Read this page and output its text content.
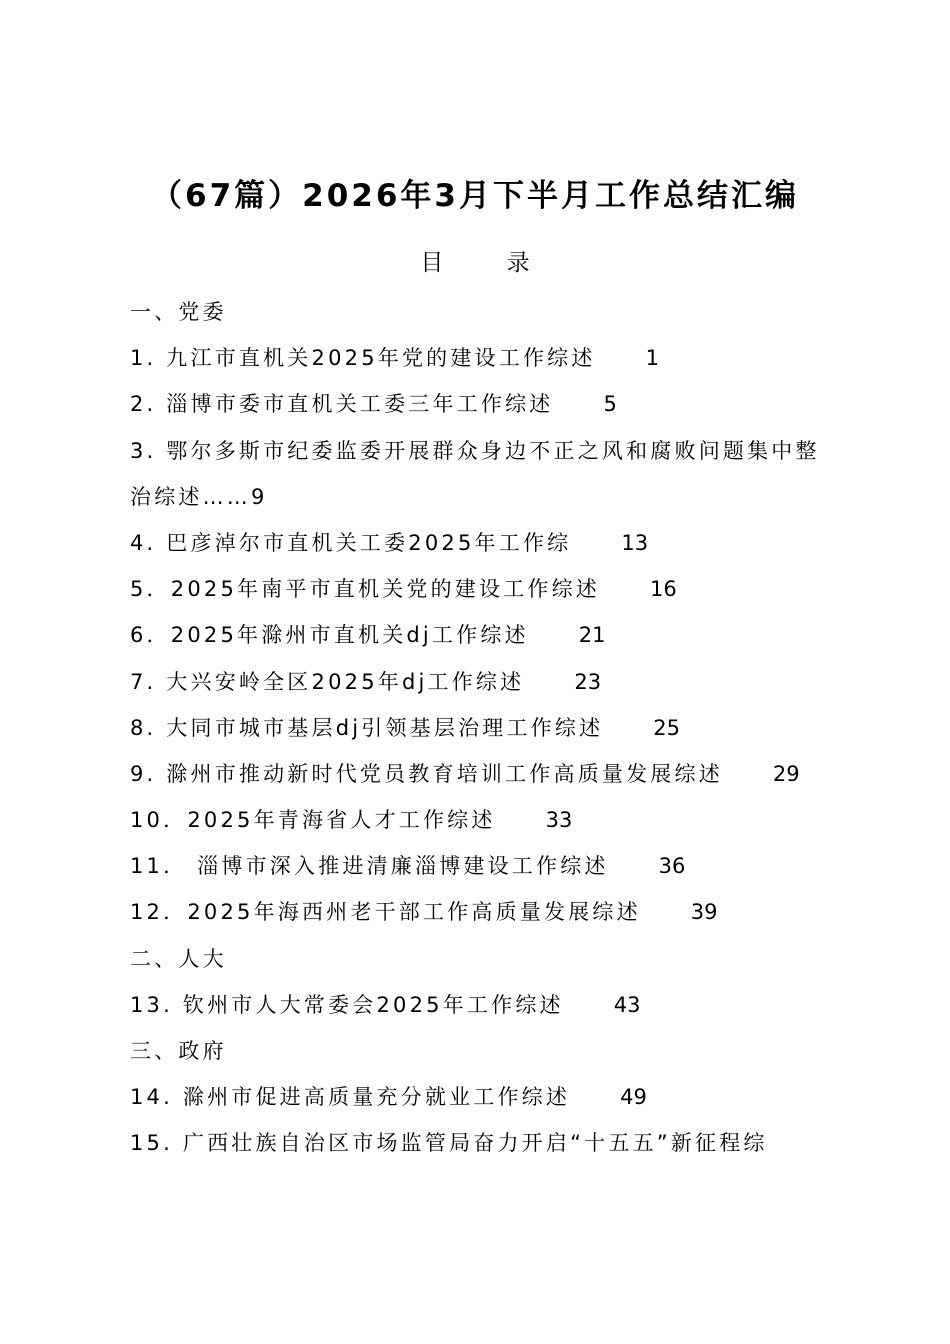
（67篇）2026年3月下半月工作总结汇编
目 录
一、党委
1. 九江市直机关2025年党的建设工作综述 1
2. 淄博市委市直机关工委三年工作综述 5
3. 鄂尔多斯市纪委监委开展群众身边不正之风和腐败问题集中整治综述……9
4. 巴彦淖尔市直机关工委2025年工作综 13
5．2025年南平市直机关党的建设工作综述 16
6．2025年滁州市直机关dj工作综述 21
7. 大兴安岭全区2025年dj工作综述 23
8. 大同市城市基层dj引领基层治理工作综述 25
9. 滁州市推动新时代党员教育培训工作高质量发展综述 29
10．2025年青海省人才工作综述 33
11． 淄博市深入推进清廉淄博建设工作综述 36
12．2025年海西州老干部工作高质量发展综述 39
二、人大
13. 钦州市人大常委会2025年工作综述 43
三、政府
14. 滁州市促进高质量充分就业工作综述 49
15. 广西壮族自治区市场监管局奋力开启“十五五”新征程综
